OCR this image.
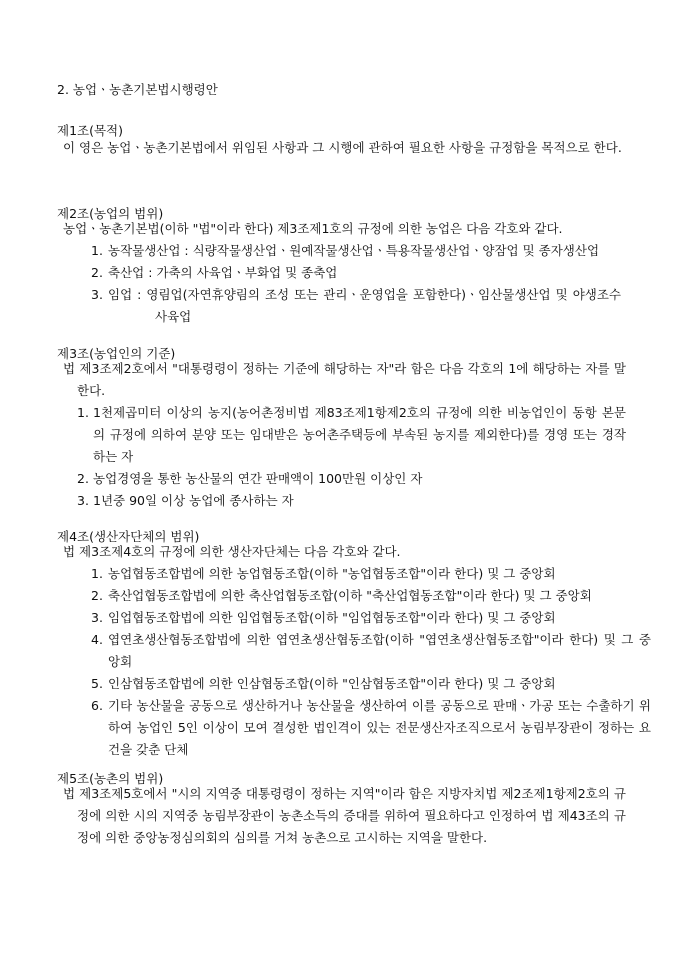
2. 농업ㆍ농촌기본법시행령안
제1조(목적)
이 영은 농업ㆍ농촌기본법에서 위임된 사항과 그 시행에 관하여 필요한 사항을 규정함을 목적으로 한다.
제2조(농업의 범위)
농업ㆍ농촌기본법(이하 "법"이라 한다) 제3조제1호의 규정에 의한 농업은 다음 각호와 같다.
1. 농작물생산업 : 식량작물생산업ㆍ원예작물생산업ㆍ특용작물생산업ㆍ양잠업 및 종자생산업
2. 축산업 : 가축의 사육업ㆍ부화업 및 종축업
3. 임업 : 영림업(자연휴양림의 조성 또는 관리ㆍ운영업을 포함한다)ㆍ임산물생산업 및 야생조수사육업
제3조(농업인의 기준)
법 제3조제2호에서 "대통령령이 정하는 기준에 해당하는 자"라 함은 다음 각호의 1에 해당하는 자를 말한다.
1. 1천제곱미터 이상의 농지(농어촌정비법 제83조제1항제2호의 규정에 의한 비농업인이 동항 본문의 규정에 의하여 분양 또는 임대받은 농어촌주택등에 부속된 농지를 제외한다)를 경영 또는 경작하는 자
2. 농업경영을 통한 농산물의 연간 판매액이 100만원 이상인 자
3. 1년중 90일 이상 농업에 종사하는 자
제4조(생산자단체의 범위)
법 제3조제4호의 규정에 의한 생산자단체는 다음 각호와 같다.
1. 농업협동조합법에 의한 농업협동조합(이하 "농업협동조합"이라 한다) 및 그 중앙회
2. 축산업협동조합법에 의한 축산업협동조합(이하 "축산업협동조합"이라 한다) 및 그 중앙회
3. 임업협동조합법에 의한 임업협동조합(이하 "임업협동조합"이라 한다) 및 그 중앙회
4. 엽연초생산협동조합법에 의한 엽연초생산협동조합(이하 "엽연초생산협동조합"이라 한다) 및 그 중앙회
5. 인삼협동조합법에 의한 인삼협동조합(이하 "인삼협동조합"이라 한다) 및 그 중앙회
6. 기타 농산물을 공동으로 생산하거나 농산물을 생산하여 이를 공동으로 판매ㆍ가공 또는 수출하기 위하여 농업인 5인 이상이 모여 결성한 법인격이 있는 전문생산자조직으로서 농림부장관이 정하는 요건을 갖춘 단체
제5조(농촌의 범위)
법 제3조제5호에서 "시의 지역중 대통령령이 정하는 지역"이라 함은 지방자치법 제2조제1항제2호의 규정에 의한 시의 지역중 농림부장관이 농촌소득의 증대를 위하여 필요하다고 인정하여 법 제43조의 규정에 의한 중앙농정심의회의 심의를 거쳐 농촌으로 고시하는 지역을 말한다.
